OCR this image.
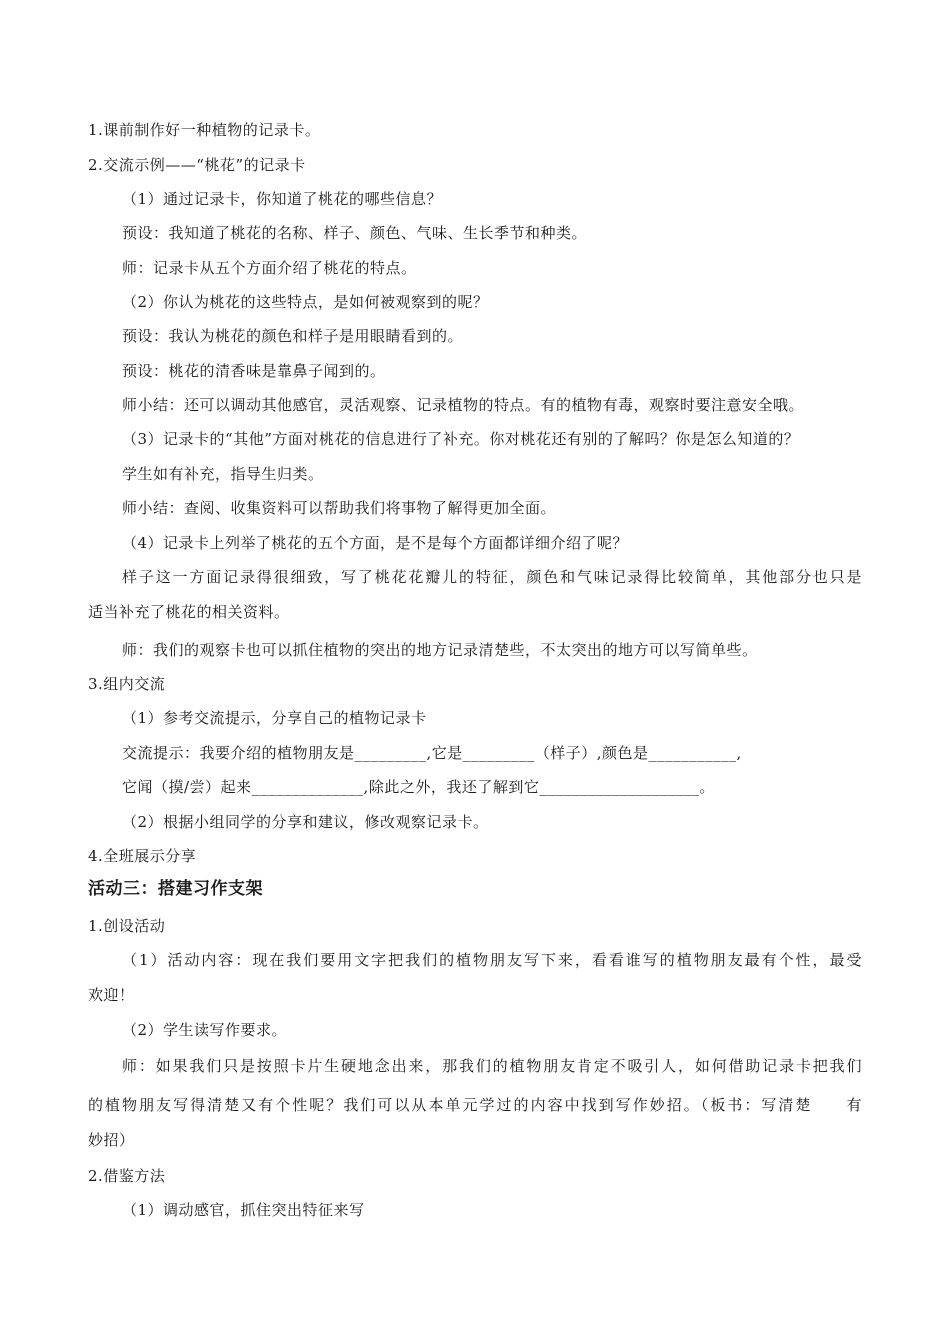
1.课前制作好一种植物的记录卡。
2.交流示例——“桃花”的记录卡
（1）通过记录卡，你知道了桃花的哪些信息？
预设：我知道了桃花的名称、样子、颜色、气味、生长季节和种类。
师：记录卡从五个方面介绍了桃花的特点。
（2）你认为桃花的这些特点，是如何被观察到的呢？
预设：我认为桃花的颜色和样子是用眼睛看到的。
预设：桃花的清香味是靠鼻子闻到的。
师小结：还可以调动其他感官，灵活观察、记录植物的特点。有的植物有毒，观察时要注意安全哦。
（3）记录卡的“其他”方面对桃花的信息进行了补充。你对桃花还有别的了解吗？你是怎么知道的？
学生如有补充，指导生归类。
师小结：查阅、收集资料可以帮助我们将事物了解得更加全面。
（4）记录卡上列举了桃花的五个方面，是不是每个方面都详细介绍了呢？
样子这一方面记录得很细致，写了桃花花瓣儿的特征，颜色和气味记录得比较简单，其他部分也只是
适当补充了桃花的相关资料。
师：我们的观察卡也可以抓住植物的突出的地方记录清楚些，不太突出的地方可以写简单些。
3.组内交流
（1）参考交流提示，分享自己的植物记录卡
交流提示：我要介绍的植物朋友是_________,它是_________（样子）,颜色是___________,
它闻（摸/尝）起来______________,除此之外，我还了解到它____________________。
（2）根据小组同学的分享和建议，修改观察记录卡。
4.全班展示分享
活动三：搭建习作支架
1.创设活动
（1）活动内容：现在我们要用文字把我们的植物朋友写下来，看看谁写的植物朋友最有个性，最受
欢迎！
（2）学生读写作要求。
师：如果我们只是按照卡片生硬地念出来，那我们的植物朋友肯定不吸引人，如何借助记录卡把我们
的植物朋友写得清楚又有个性呢？我们可以从本单元学过的内容中找到写作妙招。（板书：写清楚　　有
妙招）
2.借鉴方法
（1）调动感官，抓住突出特征来写
